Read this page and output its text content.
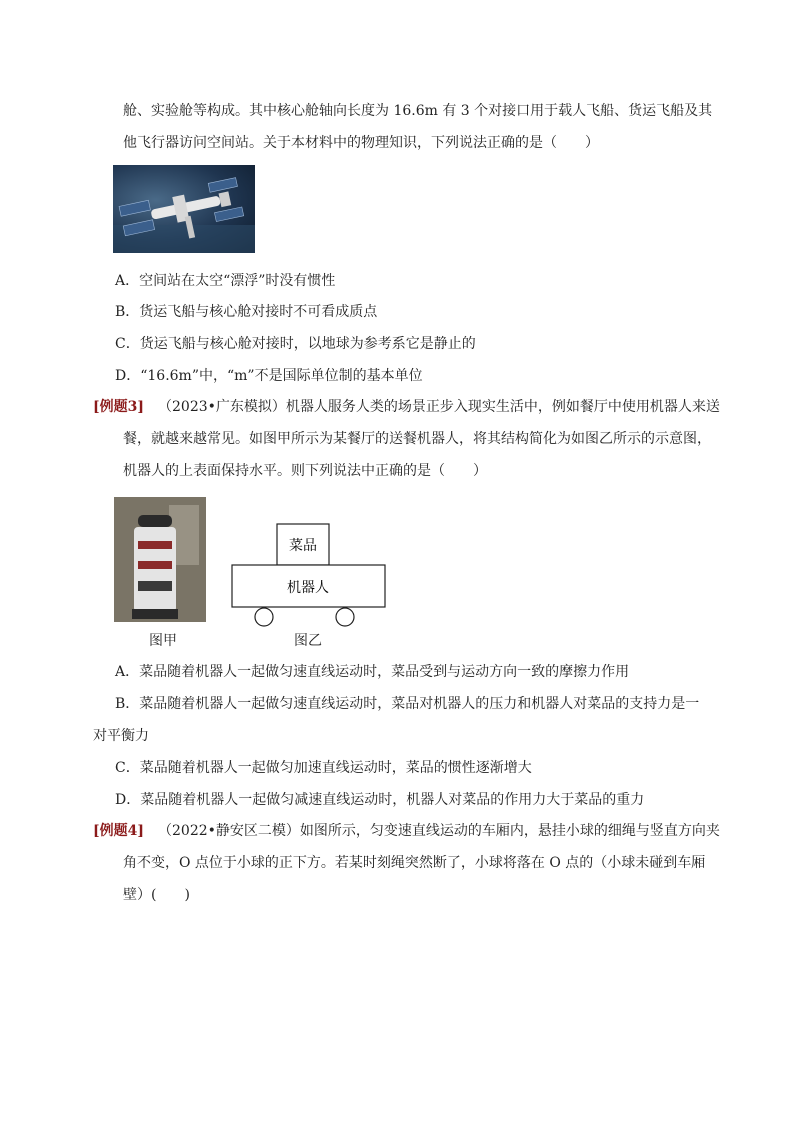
舱、实验舱等构成。其中核心舱轴向长度为 16.6m 有 3 个对接口用于载人飞船、货运飞船及其
他飞行器访问空间站。关于本材料中的物理知识，下列说法正确的是（　　）
A．空间站在太空“漂浮”时没有惯性
B．货运飞船与核心舱对接时不可看成质点
C．货运飞船与核心舱对接时，以地球为参考系它是静止的
D．“16.6m”中，“m”不是国际单位制的基本单位
[例题3] （2023•广东模拟）机器人服务人类的场景正步入现实生活中，例如餐厅中使用机器人来送
餐，就越来越常见。如图甲所示为某餐厅的送餐机器人，将其结构简化为如图乙所示的示意图，
机器人的上表面保持水平。则下列说法中正确的是（　　）
菜品
机器人
图甲	图乙
A．菜品随着机器人一起做匀速直线运动时，菜品受到与运动方向一致的摩擦力作用
B．菜品随着机器人一起做匀速直线运动时，菜品对机器人的压力和机器人对菜品的支持力是一
对平衡力
C．菜品随着机器人一起做匀加速直线运动时，菜品的惯性逐渐增大
D．菜品随着机器人一起做匀减速直线运动时，机器人对菜品的作用力大于菜品的重力
[例题4] （2022•静安区二模）如图所示，匀变速直线运动的车厢内，悬挂小球的细绳与竖直方向夹
角不变，O 点位于小球的正下方。若某时刻绳突然断了，小球将落在 O 点的（小球未碰到车厢
壁）(　　)
